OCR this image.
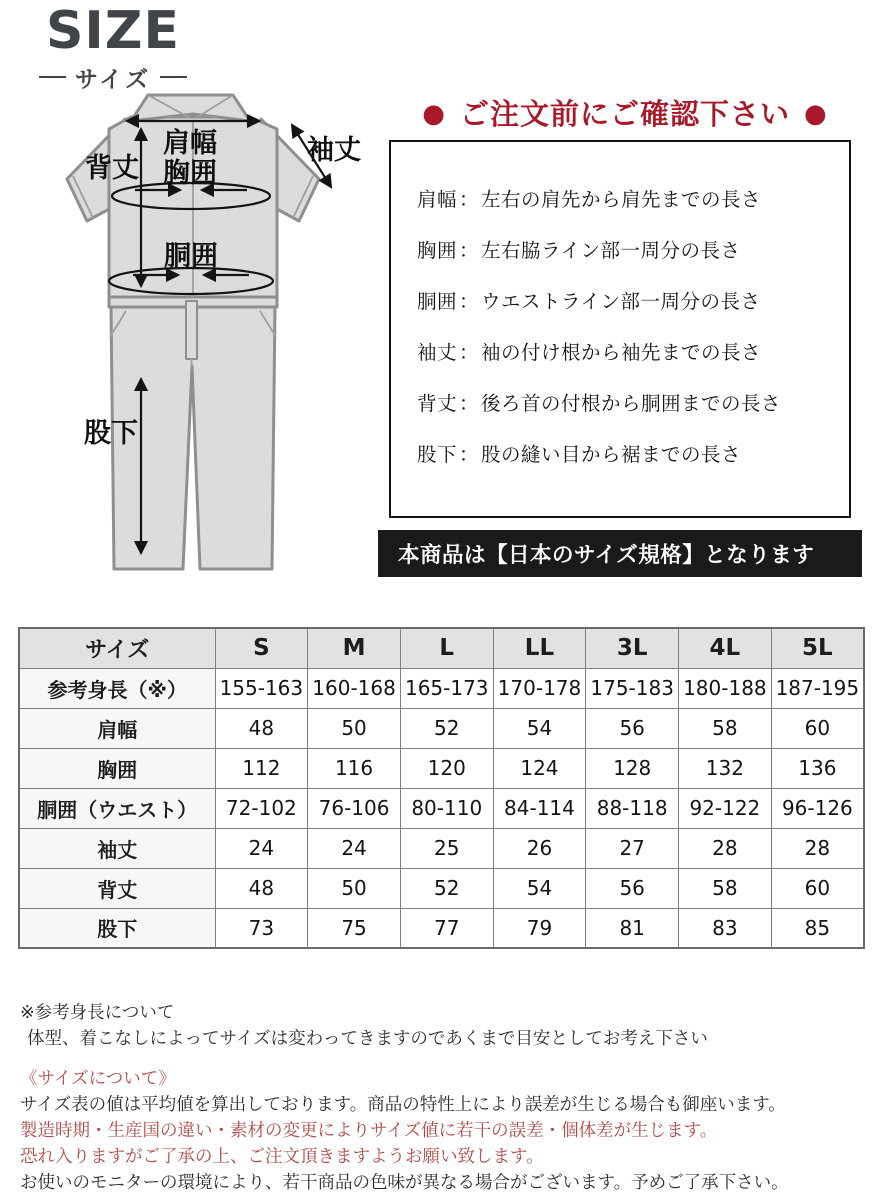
SIZE
サイズ
肩幅
胸囲
背丈
袖丈
胴囲
股下
● ご注文前にご確認下さい ●
肩幅 ： 左右の肩先から肩先までの長さ
胸囲 ： 左右脇ライン部一周分の長さ
胴囲 ： ウエストライン部一周分の長さ
袖丈 ： 袖の付け根から袖先までの長さ
背丈 ： 後ろ首の付根から胴囲までの長さ
股下 ： 股の縫い目から裾までの長さ
本商品は【日本のサイズ規格】となります
サイズ	S	M	L	LL	3L	4L	5L
参考身長（※）	155-163	160-168	165-173	170-178	175-183	180-188	187-195
肩幅	48	50	52	54	56	58	60
胸囲	112	116	120	124	128	132	136
胴囲（ウエスト）	72-102	76-106	80-110	84-114	88-118	92-122	96-126
袖丈	24	24	25	26	27	28	28
背丈	48	50	52	54	56	58	60
股下	73	75	77	79	81	83	85
※参考身長について
体型、着こなしによってサイズは変わってきますのであくまで目安としてお考え下さい
《サイズについて》
サイズ表の値は平均値を算出しております。商品の特性上により誤差が生じる場合も御座います。
製造時期・生産国の違い・素材の変更によりサイズ値に若干の誤差・個体差が生じます。
恐れ入りますがご了承の上、ご注文頂きますようお願い致します。
お使いのモニターの環境により、若干商品の色味が異なる場合がございます。予めご了承下さい。
